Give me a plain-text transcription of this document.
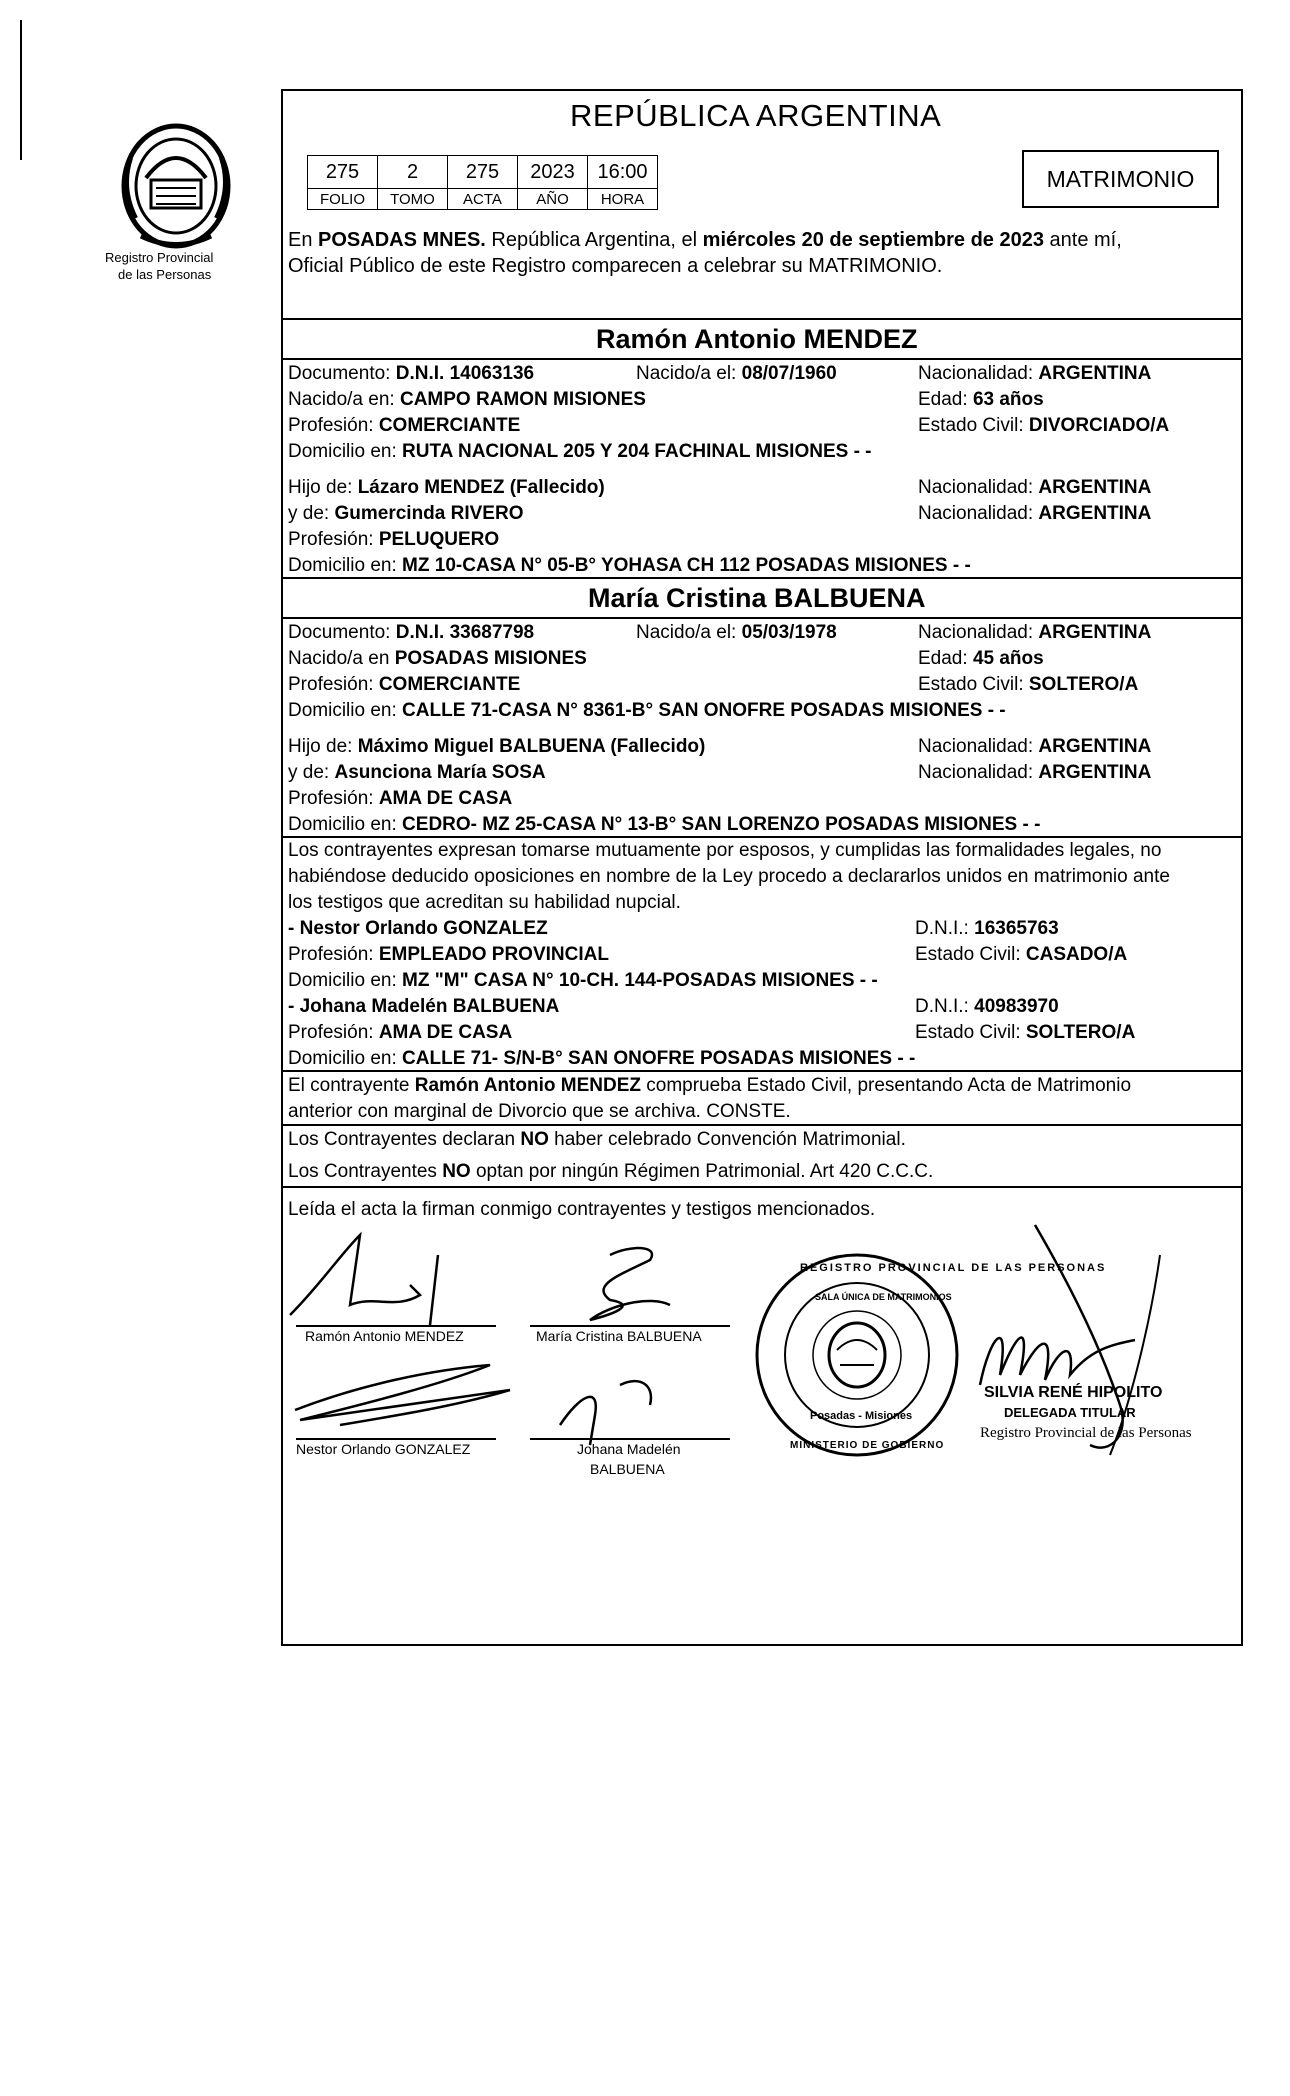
Registro Provincial
de las Personas
REPÚBLICA ARGENTINA
275	2	275	2023	16:00
FOLIO	TOMO	ACTA	AÑO	HORA
MATRIMONIO
En POSADAS MNES. República Argentina, el miércoles 20 de septiembre de 2023 ante mí,
Oficial Público de este Registro comparecen a celebrar su MATRIMONIO.
Ramón Antonio MENDEZ
Documento: D.N.I. 14063136	Nacido/a el: 08/07/1960	Nacionalidad: ARGENTINA
Nacido/a en: CAMPO RAMON MISIONES	Edad: 63 años
Profesión: COMERCIANTE	Estado Civil: DIVORCIADO/A
Domicilio en: RUTA NACIONAL 205 Y 204 FACHINAL MISIONES - -
Hijo de: Lázaro MENDEZ (Fallecido)	Nacionalidad: ARGENTINA
y de: Gumercinda RIVERO	Nacionalidad: ARGENTINA
Profesión: PELUQUERO
Domicilio en: MZ 10-CASA N° 05-B° YOHASA CH 112 POSADAS MISIONES - -
María Cristina BALBUENA
Documento: D.N.I. 33687798	Nacido/a el: 05/03/1978	Nacionalidad: ARGENTINA
Nacido/a en POSADAS MISIONES	Edad: 45 años
Profesión: COMERCIANTE	Estado Civil: SOLTERO/A
Domicilio en: CALLE 71-CASA N° 8361-B° SAN ONOFRE POSADAS MISIONES - -
Hijo de: Máximo Miguel BALBUENA (Fallecido)	Nacionalidad: ARGENTINA
y de: Asunciona María SOSA	Nacionalidad: ARGENTINA
Profesión: AMA DE CASA
Domicilio en: CEDRO- MZ 25-CASA N° 13-B° SAN LORENZO POSADAS MISIONES - -
Los contrayentes expresan tomarse mutuamente por esposos, y cumplidas las formalidades legales, no
habiéndose deducido oposiciones en nombre de la Ley procedo a declararlos unidos en matrimonio ante
los testigos que acreditan su habilidad nupcial.
- Nestor Orlando GONZALEZ	D.N.I.: 16365763
Profesión: EMPLEADO PROVINCIAL	Estado Civil: CASADO/A
Domicilio en: MZ "M" CASA N° 10-CH. 144-POSADAS MISIONES - -
- Johana Madelén BALBUENA	D.N.I.: 40983970
Profesión: AMA DE CASA	Estado Civil: SOLTERO/A
Domicilio en: CALLE 71- S/N-B° SAN ONOFRE POSADAS MISIONES - -
El contrayente Ramón Antonio MENDEZ comprueba Estado Civil, presentando Acta de Matrimonio
anterior con marginal de Divorcio que se archiva. CONSTE.
Los Contrayentes declaran NO haber celebrado Convención Matrimonial.
Los Contrayentes NO optan por ningún Régimen Patrimonial. Art 420 C.C.C.
Leída el acta la firman conmigo contrayentes y testigos mencionados.
Ramón Antonio MENDEZ	María Cristina BALBUENA
Nestor Orlando GONZALEZ	Johana Madelén
BALBUENA
REGISTRO PROVINCIAL DE LAS PERSONAS
SALA ÚNICA DE MATRIMONIOS
MINISTERIO DE GOBIERNO
Posadas - Misiones
SILVIA RENÉ HIPOLITO
DELEGADA TITULAR
Registro Provincial de las Personas
